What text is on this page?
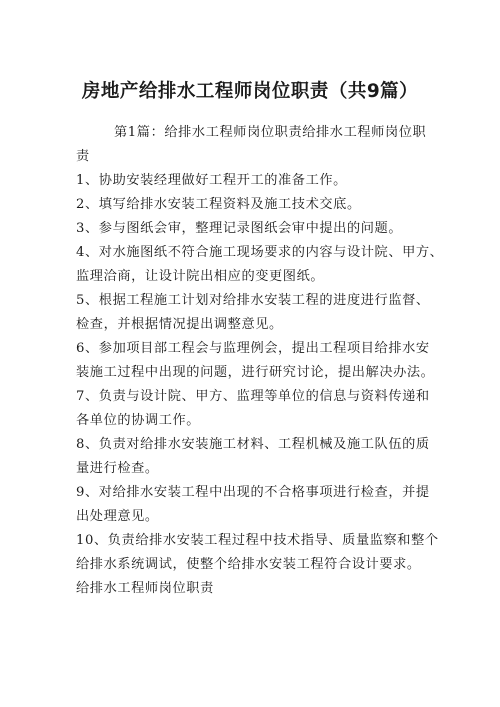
房地产给排水工程师岗位职责（共9篇）
第1篇：给排水工程师岗位职责给排水工程师岗位职
责
1、协助安装经理做好工程开工的准备工作。
2、填写给排水安装工程资料及施工技术交底。
3、参与图纸会审，整理记录图纸会审中提出的问题。
4、对水施图纸不符合施工现场要求的内容与设计院、甲方、
监理洽商，让设计院出相应的变更图纸。
5、根据工程施工计划对给排水安装工程的进度进行监督、
检查，并根据情况提出调整意见。
6、参加项目部工程会与监理例会，提出工程项目给排水安
装施工过程中出现的问题，进行研究讨论，提出解决办法。
7、负责与设计院、甲方、监理等单位的信息与资料传递和
各单位的协调工作。
8、负责对给排水安装施工材料、工程机械及施工队伍的质
量进行检查。
9、对给排水安装工程中出现的不合格事项进行检查，并提
出处理意见。
10、负责给排水安装工程过程中技术指导、质量监察和整个
给排水系统调试，使整个给排水安装工程符合设计要求。
给排水工程师岗位职责
